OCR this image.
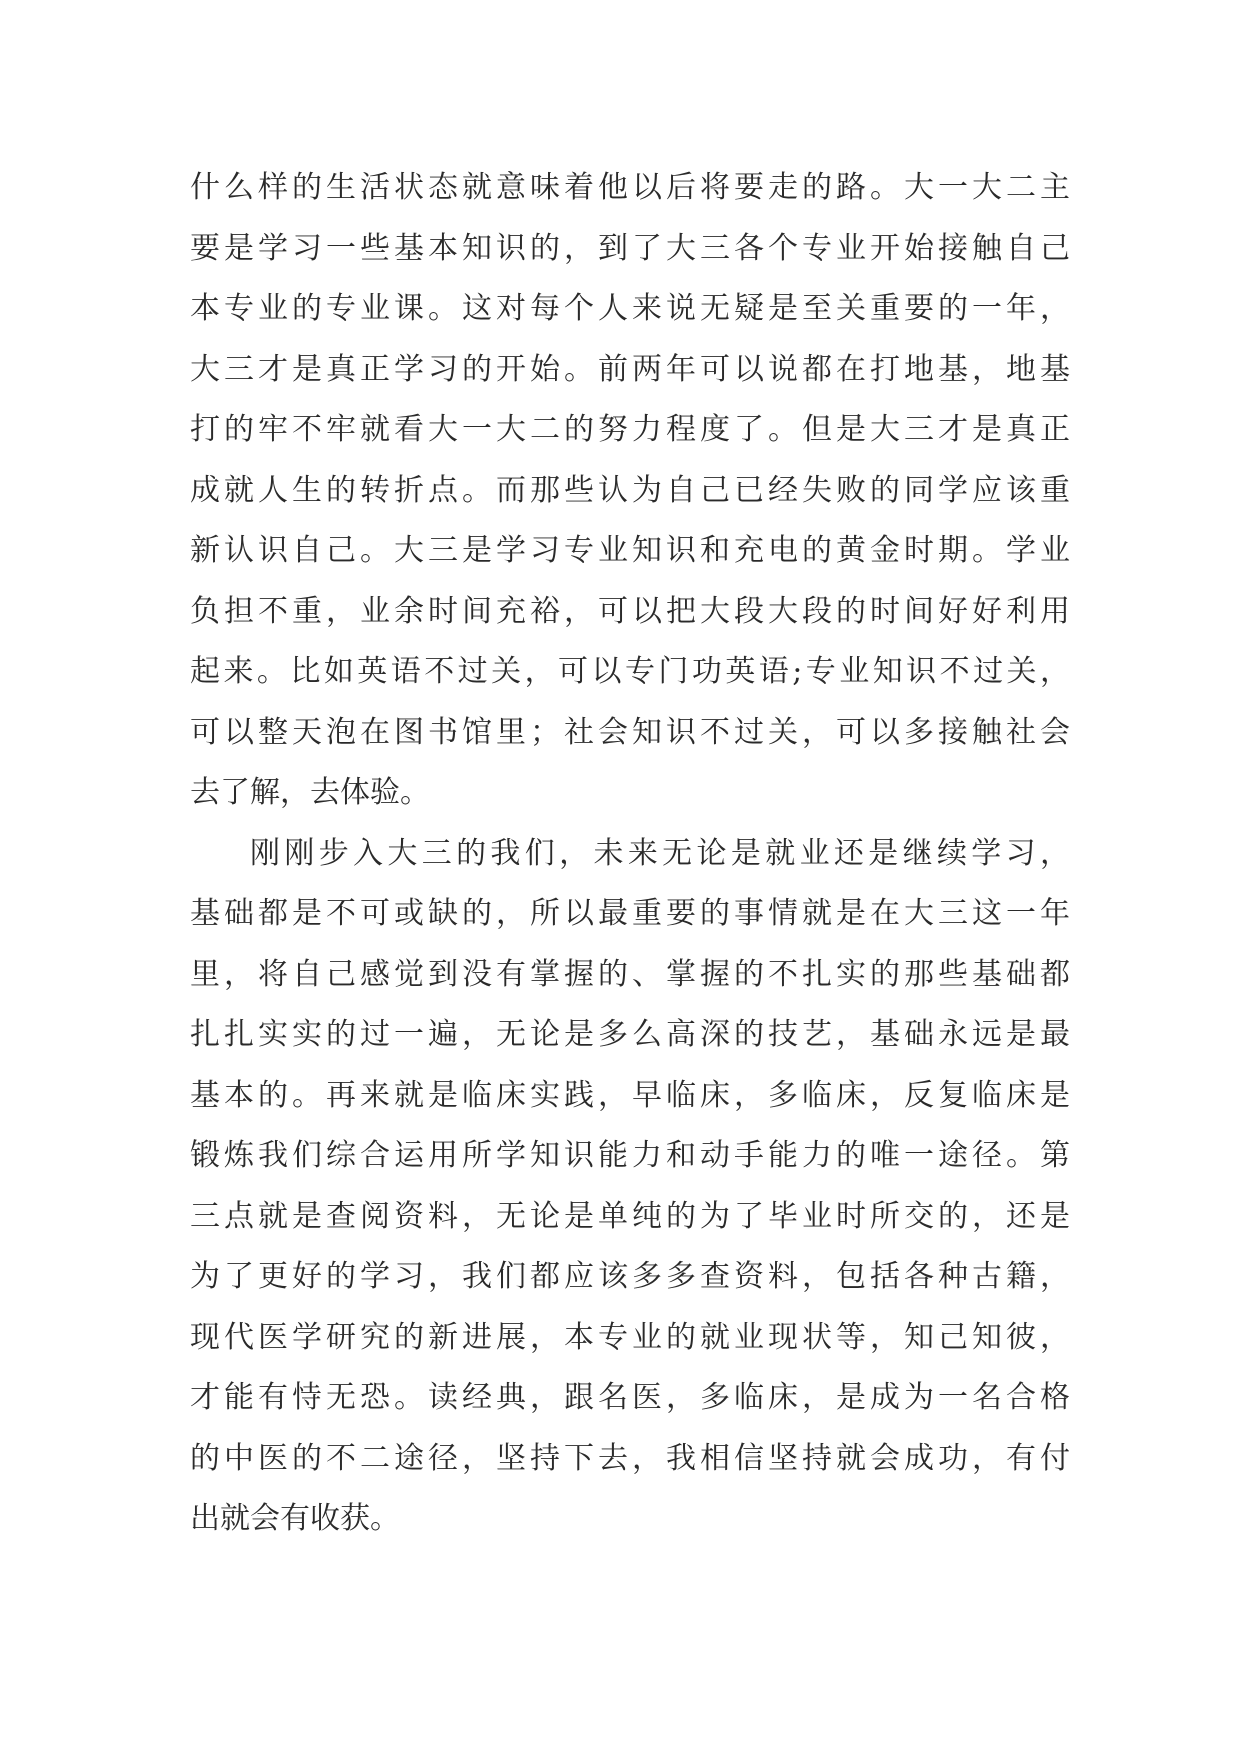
什么样的生活状态就意味着他以后将要走的路。大一大二主
要是学习一些基本知识的，到了大三各个专业开始接触自己
本专业的专业课。这对每个人来说无疑是至关重要的一年，
大三才是真正学习的开始。前两年可以说都在打地基，地基
打的牢不牢就看大一大二的努力程度了。但是大三才是真正
成就人生的转折点。而那些认为自己已经失败的同学应该重
新认识自己。大三是学习专业知识和充电的黄金时期。学业
负担不重，业余时间充裕，可以把大段大段的时间好好利用
起来。比如英语不过关，可以专门功英语;专业知识不过关，
可以整天泡在图书馆里；社会知识不过关，可以多接触社会
去了解，去体验。
刚刚步入大三的我们，未来无论是就业还是继续学习，
基础都是不可或缺的，所以最重要的事情就是在大三这一年
里，将自己感觉到没有掌握的、掌握的不扎实的那些基础都
扎扎实实的过一遍，无论是多么高深的技艺，基础永远是最
基本的。再来就是临床实践，早临床，多临床，反复临床是
锻炼我们综合运用所学知识能力和动手能力的唯一途径。第
三点就是查阅资料，无论是单纯的为了毕业时所交的，还是
为了更好的学习，我们都应该多多查资料，包括各种古籍，
现代医学研究的新进展，本专业的就业现状等，知己知彼，
才能有恃无恐。读经典，跟名医，多临床，是成为一名合格
的中医的不二途径，坚持下去，我相信坚持就会成功，有付
出就会有收获。
